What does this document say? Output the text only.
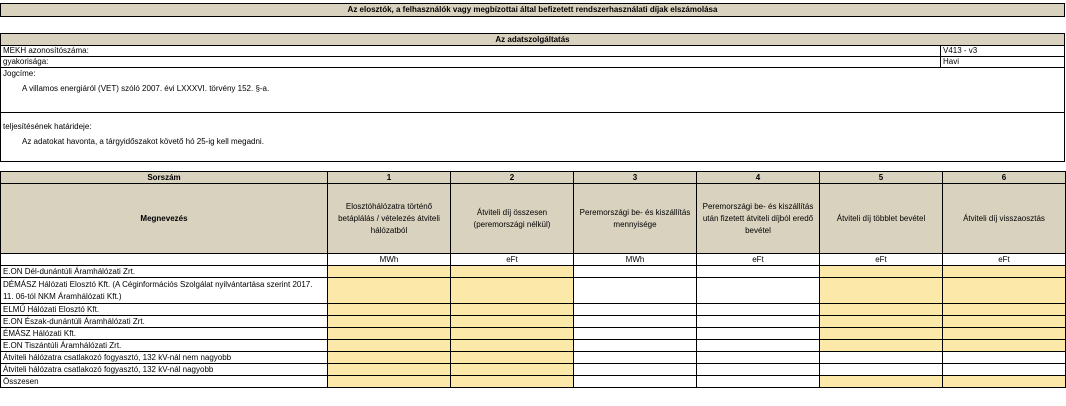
Az elosztók, a felhasználók vagy megbízottai által befizetett rendszerhasználati díjak elszámolása
Az adatszolgáltatás
MEKH azonosítószáma:	V413 - v3
gyakorisága:	Havi
Jogcíme:
A villamos energiáról (VET) szóló 2007. évi LXXXVI. törvény 152. §-a.
teljesítésének határideje:
Az adatokat havonta, a tárgyidőszakot követő hó 25-ig kell megadni.
Sorszám	1	2	3	4	5	6
Megnevezés	Elosztóhálózatra történő betáplálás / vételezés átviteli hálózatból	Átviteli díj összesen (peremországi nélkül)	Peremországi be- és kiszállítás mennyisége	Peremországi be- és kiszállítás után fizetett átviteli díjból eredő bevétel	Átviteli díj többlet bevétel	Átviteli díj visszaosztás
	MWh	eFt	MWh	eFt	eFt	eFt
E.ON Dél-dunántúli Áramhálózati Zrt.						
DÉMÁSZ Hálózati Elosztó Kft. (A Céginformációs Szolgálat nyilvántartása szerint 2017. 11. 06-tól NKM Áramhálózati Kft.)						
ELMŰ Hálózati Elosztó Kft.						
E.ON Észak-dunántúli Áramhálózati Zrt.						
ÉMÁSZ Hálózati Kft.						
E.ON Tiszántúli Áramhálózati Zrt.						
Átviteli hálózatra csatlakozó fogyasztó, 132 kV-nál nem nagyobb						
Átviteli hálózatra csatlakozó fogyasztó, 132 kV-nál nagyobb						
Összesen						
